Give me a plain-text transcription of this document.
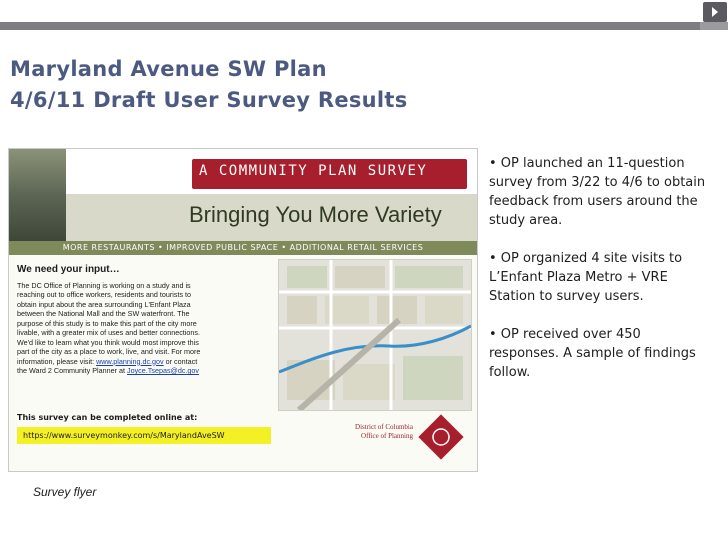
Maryland Avenue SW Plan
4/6/11 Draft User Survey Results
A COMMUNITY PLAN SURVEY
Bringing You More Variety
MORE RESTAURANTS • IMPROVED PUBLIC SPACE • ADDITIONAL RETAIL SERVICES
We need your input…
The DC Office of Planning is working on a study and is
reaching out to office workers, residents and tourists to
obtain input about the area surrounding L'Enfant Plaza
between the National Mall and the SW waterfront. The
purpose of this study is to make this part of the city more
livable, with a greater mix of uses and better connections.
We'd like to learn what you think would most improve this
part of the city as a place to work, live, and visit. For more
information, please visit: www.planning.dc.gov or contact
the Ward 2 Community Planner at Joyce.Tsepas@dc.gov
This survey can be completed online at:
https://www.surveymonkey.com/s/MarylandAveSW
District of Columbia
Office of Planning
Survey flyer

• OP launched an 11-question survey from 3/22 to 4/6 to obtain feedback from users around the study area.

• OP organized 4 site visits to L’Enfant Plaza Metro + VRE Station to survey users.

• OP received over 450 responses. A sample of findings follow.
